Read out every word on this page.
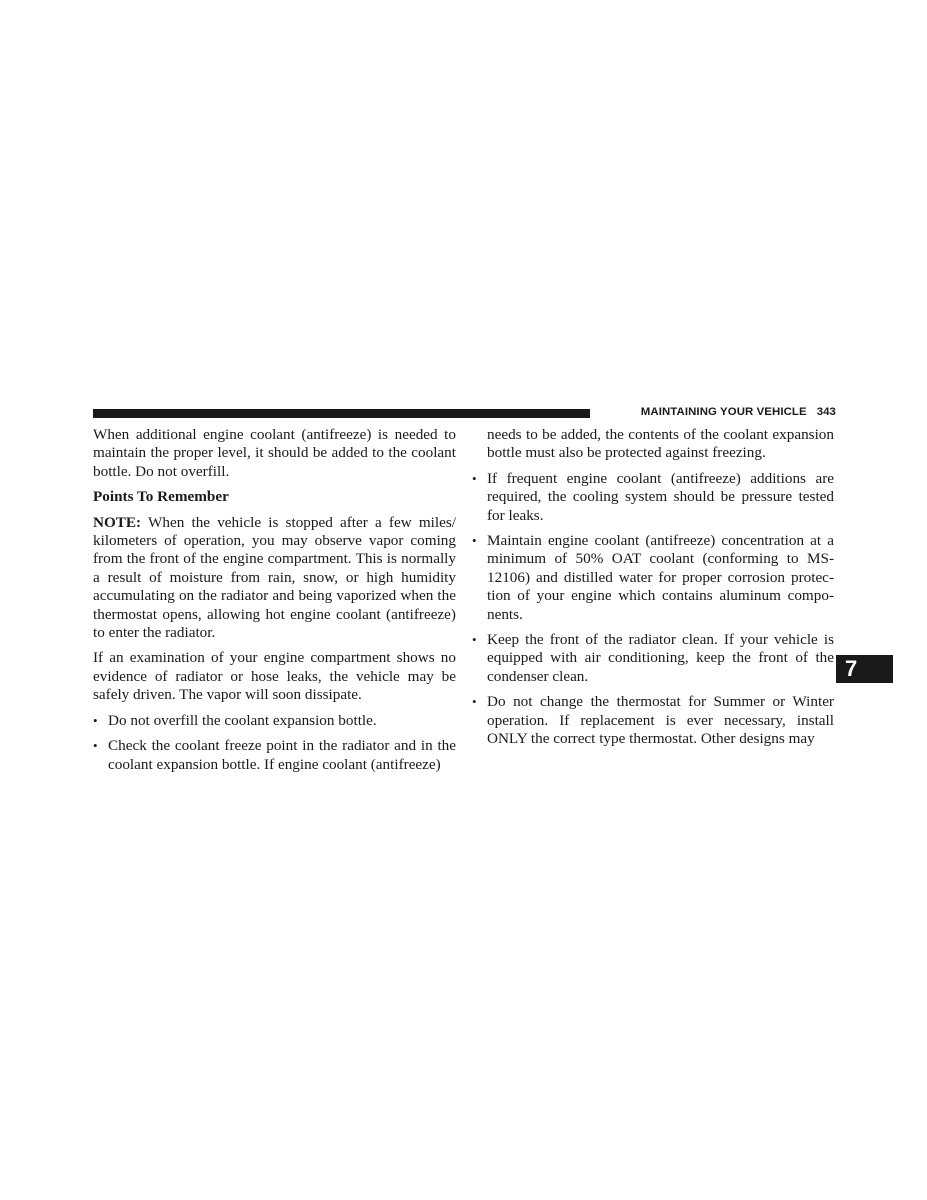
MAINTAINING YOUR VEHICLE 343

When additional engine coolant (antifreeze) is needed to maintain the proper level, it should be added to the coolant bottle. Do not overfill.

Points To Remember

NOTE: When the vehicle is stopped after a few miles/ kilometers of operation, you may observe vapor coming from the front of the engine compartment. This is normally a result of moisture from rain, snow, or high humidity accumulating on the radiator and being vaporized when the thermostat opens, allowing hot engine coolant (antifreeze) to enter the radiator.

If an examination of your engine compartment shows no evidence of radiator or hose leaks, the vehicle may be safely driven. The vapor will soon dissipate.

• Do not overfill the coolant expansion bottle.
• Check the coolant freeze point in the radiator and in the coolant expansion bottle. If engine coolant (antifreeze)

needs to be added, the contents of the coolant expansion bottle must also be protected against freezing.

• If frequent engine coolant (antifreeze) additions are required, the cooling system should be pressure tested for leaks.
• Maintain engine coolant (antifreeze) concentration at a minimum of 50% OAT coolant (conforming to MS-12106) and distilled water for proper corrosion protection of your engine which contains aluminum components.
• Keep the front of the radiator clean. If your vehicle is equipped with air conditioning, keep the front of the condenser clean.
• Do not change the thermostat for Summer or Winter operation. If replacement is ever necessary, install ONLY the correct type thermostat. Other designs may
7
